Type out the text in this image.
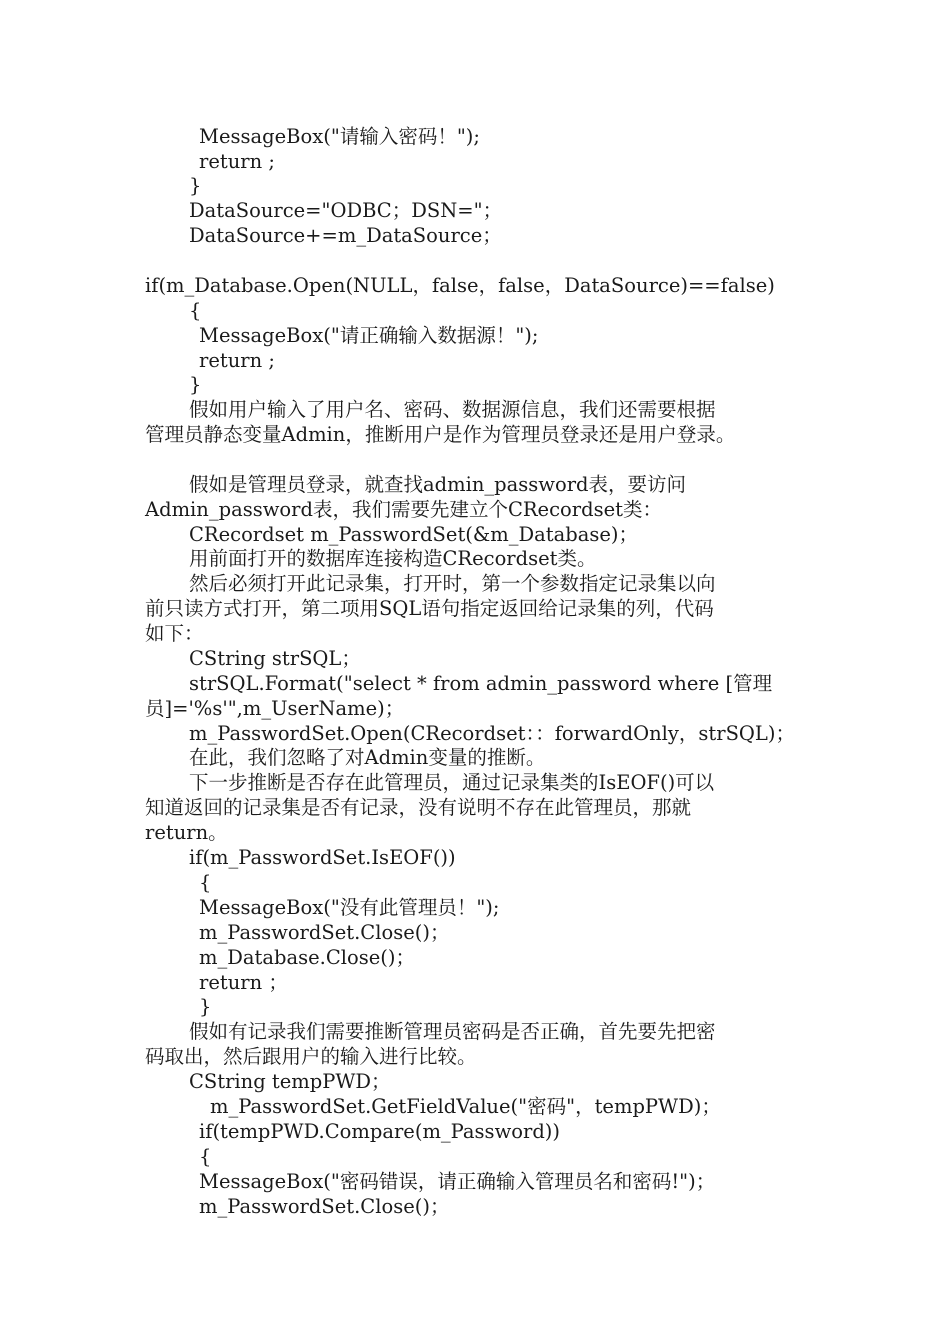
MessageBox("请输入密码！");
return ;
}
DataSource="ODBC；DSN="；
DataSource+=m_DataSource；
if(m_Database.Open(NULL，false，false，DataSource)==false)
{
MessageBox("请正确输入数据源！");
return ;
}
假如用户输入了用户名、密码、数据源信息，我们还需要根据
管理员静态变量Admin，推断用户是作为管理员登录还是用户登录。
假如是管理员登录，就查找admin_password表，要访问
Admin_password表，我们需要先建立个CRecordset类：
CRecordset m_PasswordSet(&m_Database)；
用前面打开的数据库连接构造CRecordset类。
然后必须打开此记录集，打开时，第一个参数指定记录集以向
前只读方式打开，第二项用SQL语句指定返回给记录集的列，代码
如下：
CString strSQL；
strSQL.Format("select * from admin_password where [管理
员]='%s'",m_UserName)；
m_PasswordSet.Open(CRecordset：：forwardOnly，strSQL)；
在此，我们忽略了对Admin变量的推断。
下一步推断是否存在此管理员，通过记录集类的IsEOF()可以
知道返回的记录集是否有记录，没有说明不存在此管理员，那就
return。
if(m_PasswordSet.IsEOF())
{
MessageBox("没有此管理员！");
m_PasswordSet.Close()；
m_Database.Close()；
return ；
}
假如有记录我们需要推断管理员密码是否正确，首先要先把密
码取出，然后跟用户的输入进行比较。
CString tempPWD；
m_PasswordSet.GetFieldValue("密码"，tempPWD)；
if(tempPWD.Compare(m_Password))
{
MessageBox("密码错误，请正确输入管理员名和密码!")；
m_PasswordSet.Close()；
